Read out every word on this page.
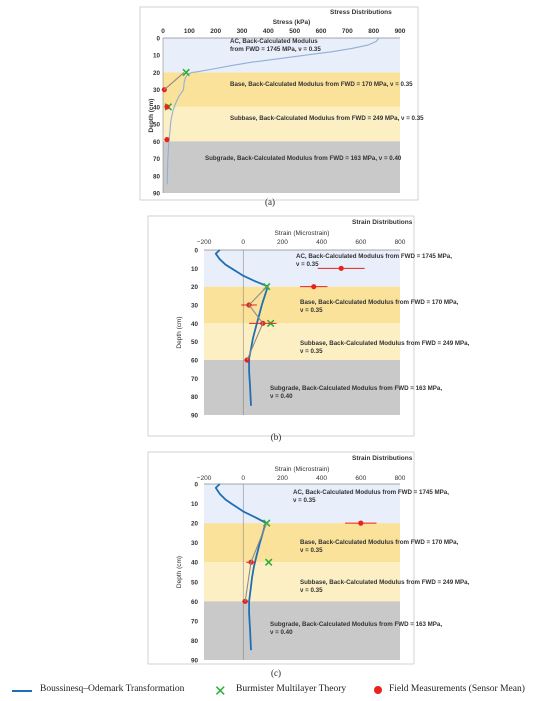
AC, Back-Calculated Modulus
from FWD = 1745 MPa, ν = 0.35
Base, Back-Calculated Modulus from FWD = 170 MPa, ν = 0.35
Subbase, Back-Calculated Modulus from FWD = 249 MPa, ν = 0.35
Subgrade, Back-Calculated Modulus from FWD = 163 MPa, ν = 0.40
Stress Distributions
Stress (kPa)
Depth (cm)
0	100 200 300 400 500 600 700 800 900
0
10
20
30
40
50
60
70
80
90
(a)
AC, Back-Calculated Modulus from FWD = 1745 MPa,
ν = 0.35
Base, Back-Calculated Modulus from FWD = 170 MPa,
ν = 0.35
Subbase, Back-Calculated Modulus from FWD = 249 MPa,
ν = 0.35
Subgrade, Back-Calculated Modulus from FWD = 163 MPa,
ν = 0.40
Strain Distributions
Strain (Microstrain)
Depth (cm)
−200	0	200	400	600	800
0
10
20
30
40
50
60
70
80
90
(b)
AC, Back-Calculated Modulus from FWD = 1745 MPa,
ν = 0.35
Base, Back-Calculated Modulus from FWD = 170 MPa,
ν = 0.35
Subbase, Back-Calculated Modulus from FWD = 249 MPa,
ν = 0.35
Subgrade, Back-Calculated Modulus from FWD = 163 MPa,
ν = 0.40
Strain Distributions
Strain (Microstrain)
Depth (cm)
−200	0	200	400	600	800
0
10
20
30
40
50
60
70
80
90
(c)
Boussinesq–Odemark Transformation ✕ Burmister Multilayer Theory	Field Measurements (Sensor Mean)
